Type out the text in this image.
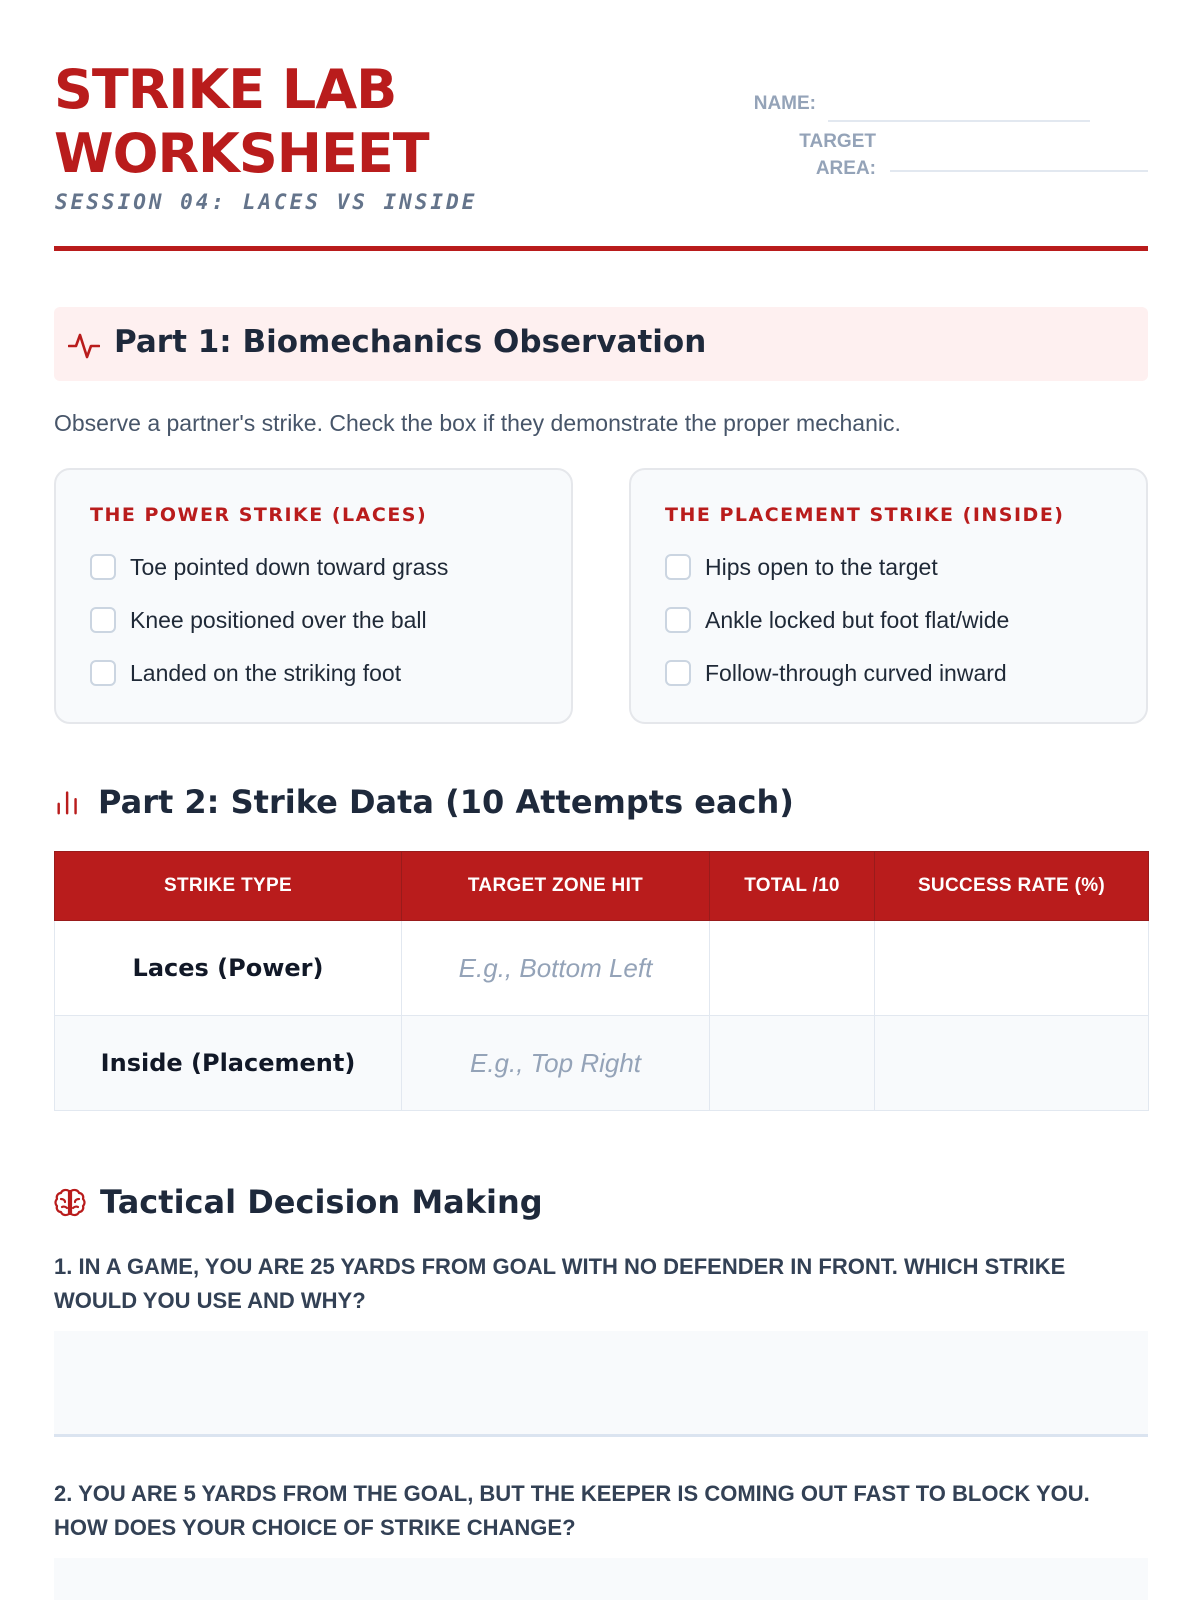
STRIKE LAB
WORKSHEET
SESSION 04: LACES VS INSIDE
NAME:
TARGET
AREA:
Part 1: Biomechanics Observation
Observe a partner's strike. Check the box if they demonstrate the proper mechanic.
THE POWER STRIKE (LACES)
Toe pointed down toward grass
Knee positioned over the ball
Landed on the striking foot
THE PLACEMENT STRIKE (INSIDE)
Hips open to the target
Ankle locked but foot flat/wide
Follow-through curved inward
Part 2: Strike Data (10 Attempts each)
STRIKE TYPE	TARGET ZONE HIT	TOTAL /10	SUCCESS RATE (%)
Laces (Power)	E.g., Bottom Left		
Inside (Placement)	E.g., Top Right		
Tactical Decision Making
1. IN A GAME, YOU ARE 25 YARDS FROM GOAL WITH NO DEFENDER IN FRONT. WHICH STRIKE WOULD YOU USE AND WHY?
2. YOU ARE 5 YARDS FROM THE GOAL, BUT THE KEEPER IS COMING OUT FAST TO BLOCK YOU. HOW DOES YOUR CHOICE OF STRIKE CHANGE?
